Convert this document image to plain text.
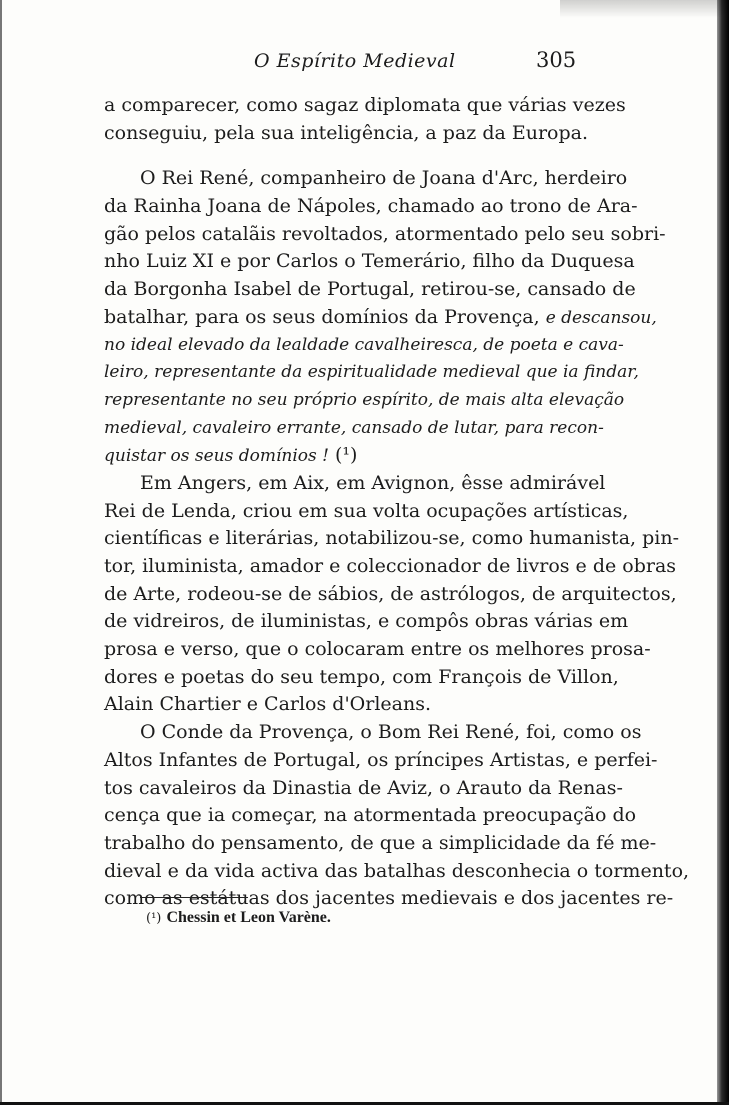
O Espírito Medieval	305
a comparecer, como sagaz diplomata que várias vezes
conseguiu, pela sua inteligência, a paz da Europa.
O Rei René, companheiro de Joana d'Arc, herdeiro
da Rainha Joana de Nápoles, chamado ao trono de Ara-
gão pelos catalãis revoltados, atormentado pelo seu sobri-
nho Luiz XI e por Carlos o Temerário, filho da Duquesa
da Borgonha Isabel de Portugal, retirou-se, cansado de
batalhar, para os seus domínios da Provença, e descansou,
no ideal elevado da lealdade cavalheiresca, de poeta e cava-
leiro, representante da espiritualidade medieval que ia findar,
representante no seu próprio espírito, de mais alta elevação
medieval, cavaleiro errante, cansado de lutar, para recon-
quistar os seus domínios ! (¹)
Em Angers, em Aix, em Avignon, êsse admirável
Rei de Lenda, criou em sua volta ocupações artísticas,
científicas e literárias, notabilizou-se, como humanista, pin-
tor, iluminista, amador e coleccionador de livros e de obras
de Arte, rodeou-se de sábios, de astrólogos, de arquitectos,
de vidreiros, de iluministas, e compôs obras várias em
prosa e verso, que o colocaram entre os melhores prosa-
dores e poetas do seu tempo, com François de Villon,
Alain Chartier e Carlos d'Orleans.
O Conde da Provença, o Bom Rei René, foi, como os
Altos Infantes de Portugal, os príncipes Artistas, e perfei-
tos cavaleiros da Dinastia de Aviz, o Arauto da Renas-
cença que ia começar, na atormentada preocupação do
trabalho do pensamento, de que a simplicidade da fé me-
dieval e da vida activa das batalhas desconhecia o tormento,
como as estátuas dos jacentes medievais e dos jacentes re-
(¹) Chessin et Leon Varène.
